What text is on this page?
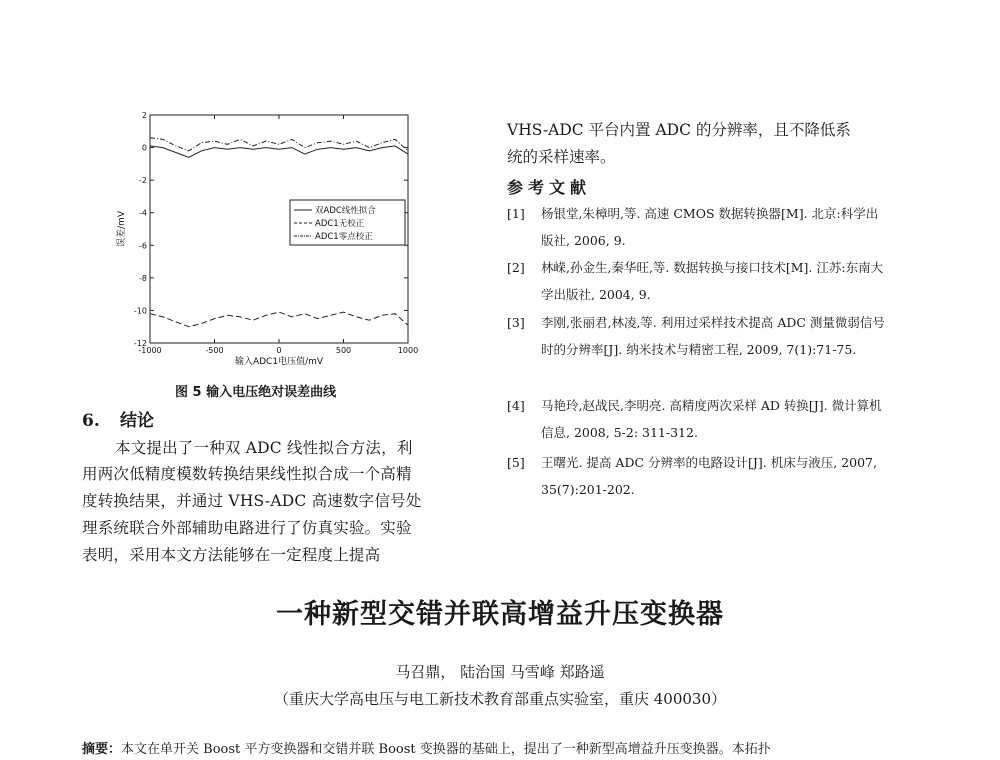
2
0
-2
-4
-6
-8
-10
-12
-1000	-500	0	500	1000
输入ADC1电压值/mV
误差/mV
双ADC线性拟合
ADC1无校正
ADC1零点校正
图 5 输入电压绝对误差曲线
6. 结论
本文提出了一种双 ADC 线性拟合方法，利
用两次低精度模数转换结果线性拟合成一个高精
度转换结果，并通过 VHS-ADC 高速数字信号处
理系统联合外部辅助电路进行了仿真实验。实验
表明，采用本文方法能够在一定程度上提高
VHS-ADC 平台内置 ADC 的分辨率，且不降低系
统的采样速率。
参考文献
[1] 杨银堂,朱樟明,等. 高速 CMOS 数据转换器[M]. 北京:科学出版社, 2006, 9.
[2] 林嵘,孙金生,秦华旺,等. 数据转换与接口技术[M]. 江苏:东南大学出版社, 2004, 9.
[3] 李刚,张丽君,林凌,等. 利用过采样技术提高 ADC 测量微弱信号时的分辨率[J]. 纳米技术与精密工程, 2009, 7(1):71-75.
[4] 马艳玲,赵战民,李明亮. 高精度两次采样 AD 转换[J]. 微计算机信息, 2008, 5-2: 311-312.
[5] 王曙光. 提高 ADC 分辨率的电路设计[J]. 机床与液压, 2007, 35(7):201-202.
一种新型交错并联高增益升压变换器
马召鼎， 陆治国 马雪峰 郑路遥
（重庆大学高电压与电工新技术教育部重点实验室，重庆 400030）
摘要：本文在单开关 Boost 平方变换器和交错并联 Boost 变换器的基础上，提出了一种新型高增益升压变换器。本拓扑
